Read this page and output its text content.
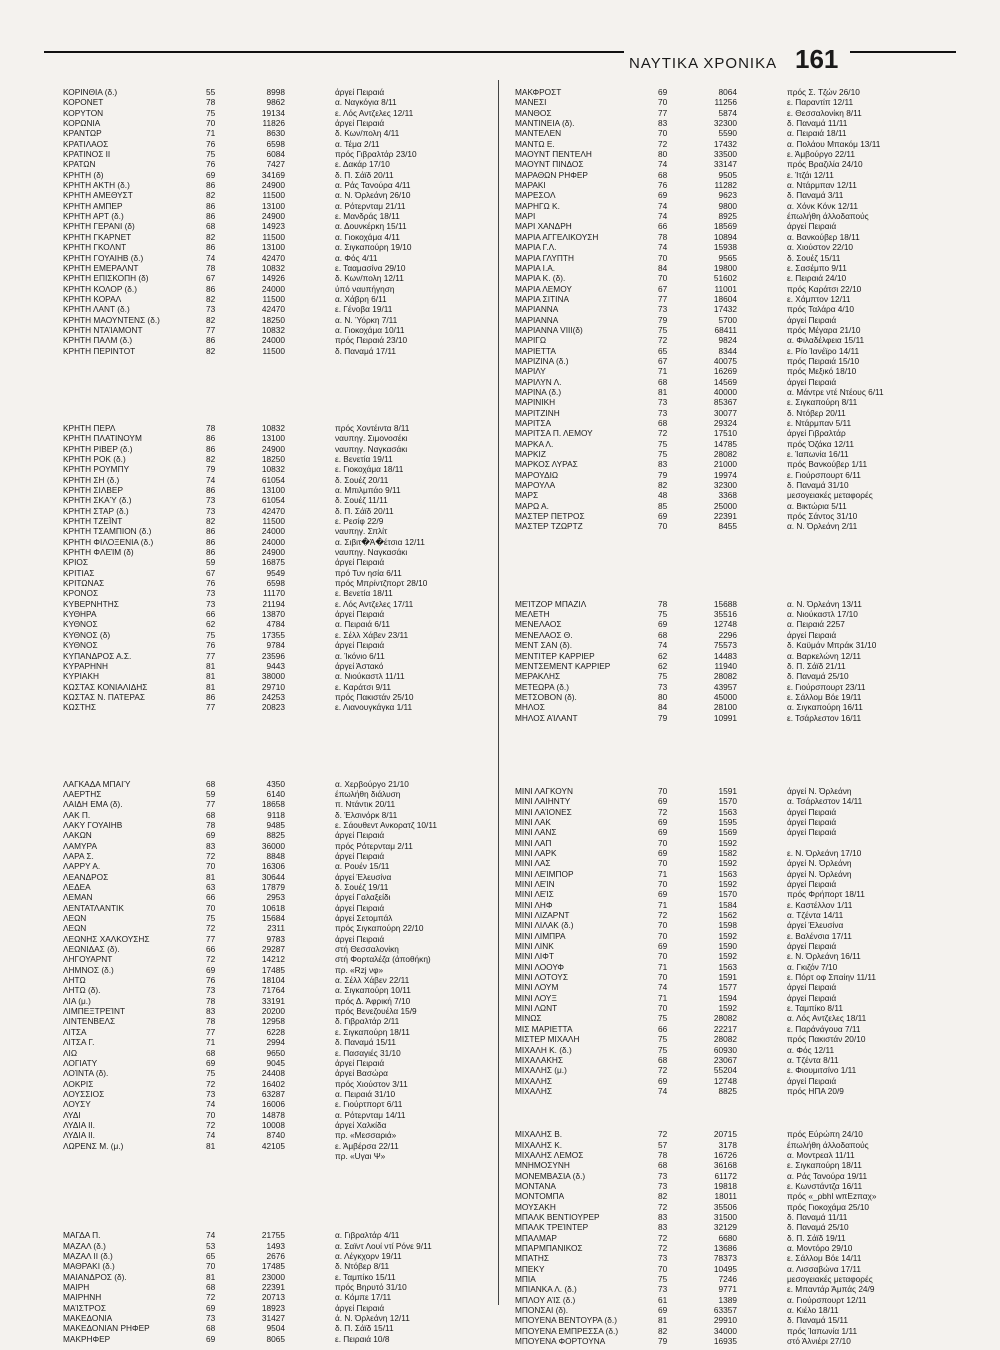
ΝΑΥΤΙΚΑ ΧΡΟΝΙΚΑ 161
ΚΟΡΙΝΘΙΑ (δ.)	55	8998	άργεί Πειραιά
ΚΟΡΟΝΕΤ	78	9862	α. Ναγκόγια 8/11
ΚΟΡΥΤΟΝ	75	19134	ε. Λός Αντζελες 12/11
ΚΟΡΩΝΙΑ	70	11826	άργεί Πειραιά
ΚΡΑΝΤΩΡ	71	8630	δ. Κων/πολη 4/11
ΚΡΑΤΙΛΑΟΣ	76	6598	α. Τέμα 2/11
ΚΡΑΤΙΝΟΣ ΙΙ	75	6084	πρός Γιβραλτάρ 23/10
ΚΡΑΤΩΝ	76	7427	ε. Δακάρ 17/10
ΚΡΗΤΗ (δ)	69	34169	δ. Π. Σάϊδ 20/11
ΚΡΗΤΗ ΑΚΤΗ (δ.)	86	24900	α. Ράς Τανούρα 4/11
ΚΡΗΤΗ ΑΜΕΘΥΣΤ	82	11500	α. Ν. Όρλεάνη 26/10
ΚΡΗΤΗ ΑΜΠΕΡ	86	13100	α. Ρότερνταμ 21/11
ΚΡΗΤΗ ΑΡΤ (δ.)	86	24900	ε. Μανδράς 18/11
ΚΡΗΤΗ ΓΕΡΑΝΙ (δ)	68	14923	α. Δουνκέρκη 15/11
ΚΡΗΤΗ ΓΚΑΡΝΕΤ	82	11500	α. Γιοκοχάμα 4/11
ΚΡΗΤΗ ΓΚΟΛΝΤ	86	13100	α. Σιγκαπούρη 19/10
ΚΡΗΤΗ ΓΟΥΑΙΗΒ (δ.)	74	42470	α. Φός 4/11
ΚΡΗΤΗ ΕΜΕΡΑΛΝΤ	78	10832	ε. Τααμασίνα 29/10
ΚΡΗΤΗ ΕΠΙΣΚΟΠΗ (δ)	67	14926	δ. Κων/πολη 12/11
ΚΡΗΤΗ ΚΟΛΟΡ (δ.)	86	24000	ύπό ναυπήγηση
ΚΡΗΤΗ ΚΟΡΑΛ	82	11500	α. Χάβρη 6/11
ΚΡΗΤΗ ΛΑΝΤ (δ.)	73	42470	ε. Γένοβα 19/11
ΚΡΗΤΗ ΜΑΟΥΝΤΕΝΣ (δ.)	82	18250	α. Ν. Ύόρκη 7/11
ΚΡΗΤΗ ΝΤΑΊΑΜΟΝΤ	77	10832	α. Γιοκοχάμα 10/11
ΚΡΗΤΗ ΠΑΛΜ (δ.)	86	24000	πρός Πειραιά 23/10
ΚΡΗΤΗ ΠΕΡΙΝΤΟΤ	82	11500	δ. Παναμά 17/11
ΚΡΗΤΗ ΠΕΡΛ	78	10832	πρός Χοντέιντα 8/11
ΚΡΗΤΗ ΠΛΑΤΙΝΟΥΜ	86	13100	ναυπηγ. Σιμονοσέκι
ΚΡΗΤΗ ΡΙΒΕΡ (δ.)	86	24900	ναυπηγ. Ναγκασάκι
ΚΡΗΤΗ ΡΟΚ (δ.)	82	18250	ε. Βενετία 19/11
ΚΡΗΤΗ ΡΟΥΜΠΥ	79	10832	ε. Γιοκοχάμα 18/11
ΚΡΗΤΗ ΣΗ (δ.)	74	61054	δ. Σουέζ 20/11
ΚΡΗΤΗ ΣΙΛΒΕΡ	86	13100	α. Μπιλμπάο 9/11
ΚΡΗΤΗ ΣΚΑΎ (δ.)	73	61054	δ. Σουέζ 11/11
ΚΡΗΤΗ ΣΤΑΡ (δ.)	73	42470	δ. Π. Σάϊδ 20/11
ΚΡΗΤΗ ΤΖΕΪΝΤ	82	11500	ε. Ρεσίφ 22/9
ΚΡΗΤΗ ΤΣΑΜΠΙΟΝ (δ.)	86	24000	ναυπηγ. Σπλίτ
ΚΡΗΤΗ ΦΙΛΟΞΕΝΙΑ (δ.)	86	24000	α. Σιβιτ�Ά�έτσια 12/11
ΚΡΗΤΗ ΦΛΕΊΜ (δ)	86	24900	ναυπηγ. Ναγκασάκι
ΚΡΙΟΣ	59	16875	άργεί Πειραιά
ΚΡΙΤΙΑΣ	67	9549	πρό Τυν ησία 6/11
ΚΡΙΤΩΝΑΣ	76	6598	πρός Μπρίντζπορτ 28/10
ΚΡΟΝΟΣ	73	11170	ε. Βενετία 18/11
ΚΥΒΕΡΝΗΤΗΣ	73	21194	ε. Λός Αντζελες 17/11
ΚΥΘΗΡΑ	66	13870	άργεί Πειραιά
ΚΥΘΝΟΣ	62	4784	α. Πειραιά 6/11
ΚΥΘΝΟΣ (δ)	75	17355	ε. Σέλλ Χάβεν 23/11
ΚΥΘΝΟΣ	76	9784	άργεί Πειραιά
ΚΥΠΑΝΔΡΟΣ Α.Σ.	77	23596	α. Ίκόνιο 6/11
ΚΥΡΑΡΗΝΗ	81	9443	άργεί Άστακό
ΚΥΡΙΑΚΗ	81	38000	α. Νιούκαστλ 11/11
ΚΩΣΤΑΣ ΚΟΝΙΑΛΙΔΗΣ	81	29710	ε. Καράτσι 9/11
ΚΩΣΤΑΣ Ν. ΠΑΤΕΡΑΣ	86	24253	πρός Πακιστάν 25/10
ΚΩΣΤΗΣ	77	20823	ε. Λιανουγκάγκα 1/11
ΛΑΓΚΑΔΑ ΜΠΑΙΎ	68	4350	α. Χερβούργο 21/10
ΛΑΕΡΤΗΣ	59	6140	έπωλήθη διάλυση
ΛΑΙΔΗ ΕΜΑ (δ).	77	18658	π. Ντάντικ 20/11
ΛΑΚ Π.	68	9118	δ. Έλσινόρκ 8/11
ΛΑΚΥ ΓΟΥΑΙΗΒ	78	9485	ε. Σάουθεντ Ανκορατζ 10/11
ΛΑΚΩΝ	69	8825	άργεί Πειραιά
ΛΑΜΥΡΑ	83	36000	πρός Ρότερνταμ 2/11
ΛΑΡΑ Σ.	72	8848	άργεί Πειραιά
ΛΑΡΡΥ Α.	70	16306	α. Ρουέν 15/11
ΛΕΑΝΔΡΟΣ	81	30644	άργεί Έλευσίνα
ΛΕΔΕΑ	63	17879	δ. Σουέζ 19/11
ΛΕΜΑΝ	66	2953	άργεί Γαλαξείδι
ΛΕΝΤΑΤΛΑΝΤΙΚ	70	10618	άργεί Πειραιά
ΛΕΩΝ	75	15684	άργεί Σετομπάλ
ΛΕΩΝ	72	2311	πρός Σιγκαπούρη 22/10
ΛΕΩΝΗΣ ΧΑΛΚΟΥΣΗΣ	77	9783	άργεί Πειραιά
ΛΕΩΝΙΔΑΣ (δ).	66	29287	στή Θεσσαλονίκη
ΛΗΓΟΥΑΡΝΤ	72	14212	στή Φορταλέζα (άποθήκη)
ΛΗΜΝΟΣ (δ.)	69	17485	πρ. «Rzj νφ»
ΛΗΤΩ	76	18104	α. Σέλλ Χάβεν 22/11
ΛΗΤΩ (δ).	73	71764	α. Σιγκαπούρη 10/11
ΛΙΑ (μ.)	78	33191	πρός Δ. Άφρική 7/10
ΛΙΜΠΕΞΤΡΕΊΝΤ	83	20200	πρός Βενεζουέλα 15/9
ΛΙΝΤΕΝΒΕΛΣ	78	12958	δ. Γιβραλτάρ 2/11
ΛΙΤΣΑ	77	6228	ε. Σιγκαπούρη 18/11
ΛΙΤΣΑ Γ.	71	2994	δ. Παναμά 15/11
ΛΙΩ	68	9650	ε. Πασαγιές 31/10
ΛΟΓΙΑΤΥ	69	9045	άργεί Πειραιά
ΛΟΊΝΤΑ (δ).	75	24408	άργεί Βασώρα
ΛΟΚΡΙΣ	72	16402	πρός Χιούστον 3/11
ΛΟΥΣΣΙΟΣ	73	63287	α. Πειραιά 31/10
ΛΟΥΣΥ	74	16006	ε. Γιούρτπορτ 6/11
ΛΥΔΙ	70	14878	α. Ρότερνταμ 14/11
ΛΥΔΙΑ ΙΙ.	72	10008	άργεί Χαλκίδα
ΛΥΔΙΑ ΙΙ.	74	8740	πρ. «Μεσσαριά»
ΛΩΡΕΝΣ Μ. (μ.)	81	42105	ε. Άμβέρσα 22/11
πρ. «Uγαι Ψ»
ΜΑΓΔΑ Π.	74	21755	α. Γιβραλτάρ 4/11
ΜΑΖΑΛ (δ.)	53	1493	α. Σαϊντ Λουί ντί Ρόνε 9/11
ΜΑΖΑΛ ΙΙ (δ.)	65	2676	α. Λέγκχορν 19/11
ΜΑΘΡΑΚΙ (δ.)	70	17485	δ. Ντόβερ 8/11
ΜΑΙΑΝΔΡΟΣ (δ).	81	23000	ε. Ταμπίκο 15/11
ΜΑΙΡΗ	68	22391	πρός Βηρυτό 31/10
ΜΑΙΡΗΝΗ	72	20713	α. Κόμπε 17/11
ΜΑΊΣΤΡΟΣ	69	18923	άργεί Πειραιά
ΜΑΚΕΔΟΝΙΑ	73	31427	ά. Ν. Όρλεάνη 12/11
ΜΑΚΕΔΟΝΙΑΝ ΡΗΦΕΡ	68	9504	δ. Π. Σάϊδ 15/11
ΜΑΚΡΗΦΕΡ	69	8065	ε. Πειραιά 10/8
ΜΑΚΦΡΟΣΤ	69	8064	πρός Σ. Τζών 26/10
ΜΑΝΕΣΙ	70	11256	ε. Παραντίπ 12/11
ΜΑΝΘΟΣ	77	5874	ε. Θεσσαλονίκη 8/11
ΜΑΝΤΙΝΕΙΑ (δ).	83	32300	δ. Παναμά 11/11
ΜΑΝΤΕΛΕΝ	70	5590	α. Πειραιά 18/11
ΜΑΝΤΩ Ε.	72	17432	α. Πολάου Μπακόμ 13/11
ΜΑΟΥΝΤ ΠΕΝΤΕΛΗ	80	33500	ε. Άμβούργο 22/11
ΜΑΟΥΝΤ ΠΙΝΔΟΣ	74	33147	πρός Βραζιλία 24/10
ΜΑΡΑΘΩΝ ΡΗΦΕΡ	68	9505	ε. Ίτζάι 12/11
ΜΑΡΑΚΙ	76	11282	α. Ντάρμπαν 12/11
ΜΑΡΕΣΟΛ	69	9623	δ. Παναμά 3/11
ΜΑΡΗΓΩ Κ.	74	9800	α. Χόνκ Κόνκ 12/11
ΜΑΡΙ	74	8925	έπωλήθη άλλοδαπούς
ΜΑΡΙ ΧΑΝΔΡΗ	66	18569	άργεί Πειραιά
ΜΑΡΙΑ ΑΓΓΕΛΙΚΟΥΣΗ	78	10894	α. Βανκούβερ 18/11
ΜΑΡΙΑ Γ.Λ.	74	15938	α. Χιούστον 22/10
ΜΑΡΙΑ ΓΛΥΠΤΗ	70	9565	δ. Σουέζ 15/11
ΜΑΡΙΑ Ι.Α.	84	19800	ε. Σασέμπο 9/11
ΜΑΡΙΑ Κ. (δ).	70	51602	ε. Πειραιά 24/10
ΜΑΡΙΑ ΛΕΜΟΥ	67	11001	πρός Καράτσι 22/10
ΜΑΡΙΑ ΣΙΤΙΝΑ	77	18604	ε. Χάμπτον 12/11
ΜΑΡΙΑΝΝΑ	73	17432	πρός Ταλάρα 4/10
ΜΑΡΙΑΝΝΑ	79	5700	άργεί Πειραιά
ΜΑΡΙΑΝΝΑ VIII(δ)	75	68411	πρός Μέγαρα 21/10
ΜΑΡΙΓΩ	72	9824	α. Φιλαδέλφεια 15/11
ΜΑΡΙΕΤΤΑ	65	8344	ε. Ρίο Ίανέϊρο 14/11
ΜΑΡΙΖΙΝΑ (δ.)	67	40075	πρός Πειραιά 15/10
ΜΑΡΙΛΥ	71	16269	πρός Μεξικό 18/10
ΜΑΡΙΛΥΝ Λ.	68	14569	άργεί Πειραιά
ΜΑΡΙΝΑ (δ.)	81	40000	α. Μάντρε ντέ Ντέους 6/11
ΜΑΡΙΝΙΚΗ	73	85367	ε. Σιγκαπούρη 8/11
ΜΑΡΙΤΖΙΝΗ	73	30077	δ. Ντόβερ 20/11
ΜΑΡΙΤΣΑ	68	29324	ε. Ντάρμπαν 5/11
ΜΑΡΙΤΣΑ Π. ΛΕΜΟΥ	72	17510	άργεί Γιβραλτάρ
ΜΑΡΚΑ Λ.	75	14785	πρός Όζάκα 12/11
ΜΑΡΚΙΖ	75	28082	ε. Ίαπωνία 16/11
ΜΑΡΚΟΣ ΛΥΡΑΣ	83	21000	πρός Βανκούβερ 1/11
ΜΑΡΟΥΔΙΩ	79	19974	ε. Γιούρσπουρτ 6/11
ΜΑΡΟΥΛΑ	82	32300	δ. Παναμά 31/10
ΜΑΡΣ	48	3368	μεσογειακές μεταφορές
ΜΑΡΩ Α.	85	25000	α. Βικτώρια 5/11
ΜΑΣΤΕΡ ΠΕΤΡΟΣ	69	22391	πρός Σάντος 31/10
ΜΑΣΤΕΡ ΤΖΩΡΤΖ	70	8455	α. Ν. Όρλεάνη 2/11
ΜΕΊΤΖΟΡ ΜΠΑΖΙΛ	78	15688	α. Ν. Όρλεάνη 13/11
ΜΕΛΕΤΗ	75	35516	α. Νιούκαστλ 17/10
ΜΕΝΕΛΑΟΣ	69	12748	α. Πειραιά 2257
ΜΕΝΕΛΑΟΣ Θ.	68	2296	άργεί Πειραιά
ΜΕΝΤ ΣΑΝ (δ).	74	75573	δ. Καϋμάν Μπράκ 31/10
ΜΕΝΤΙΤΕΡ ΚΑΡΡΙΕΡ	62	14483	α. Βαρκελώνη 12/11
ΜΕΝΤΣΕΜΕΝΤ ΚΑΡΡΙΕΡ	62	11940	δ. Π. Σάϊδ 21/11
ΜΕΡΑΚΛΗΣ	75	28082	δ. Παναμά 25/10
ΜΕΤΕΩΡΑ (δ.)	73	43957	ε. Γιούρσπουρτ 23/11
ΜΕΤΣΟΒΟΝ (δ).	80	45000	ε. Σάλλομ Βόε 19/11
ΜΗΛΟΣ	84	28100	α. Σιγκαπούρη 16/11
ΜΗΛΟΣ ΑΊΛΑΝΤ	79	10991	ε. Τσάρλεστον 16/11
ΜΙΝΙ ΛΑΓΚΟΥΝ	70	1591	άργεί Ν. Όρλεάνη
ΜΙΝΙ ΛΑΙΗΝΤΥ	69	1570	α. Τσάρλεστον 14/11
ΜΙΝΙ ΛΑΊΟΝΕΣ	72	1563	άργεί Πειραιά
ΜΙΝΙ ΛΑΚ	69	1595	άργεί Πειραιά
ΜΙΝΙ ΛΑΝΣ	69	1569	άργεί Πειραιά
ΜΙΝΙ ΛΑΠ	70	1592
ΜΙΝΙ ΛΑΡΚ	69	1582	ε. Ν. Όρλεάνη 17/10
ΜΙΝΙ ΛΑΣ	70	1592	άργεί Ν. Όρλεάνη
ΜΙΝΙ ΛΕΊΜΠΟΡ	71	1563	άργεί Ν. Όρλεάνη
ΜΙΝΙ ΛΕΊΝ	70	1592	άργεί Πειραιά
ΜΙΝΙ ΛΕΊΣ	69	1570	πρός Φρήπορτ 18/11
ΜΙΝΙ ΛΗΦ	71	1584	ε. Καστέλλον 1/11
ΜΙΝΙ ΛΙΖΑΡΝΤ	72	1562	α. Τζέντα 14/11
ΜΙΝΙ ΛΙΛΑΚ (δ.)	70	1598	άργεί Έλευσίνα
ΜΙΝΙ ΛΙΜΠΡΑ	70	1592	ε. Βαλένσια 17/11
ΜΙΝΙ ΛΙΝΚ	69	1590	άργεί Πειραιά
ΜΙΝΙ ΛΙΦΤ	70	1592	ε. Ν. Όρλεάνη 16/11
ΜΙΝΙ ΛΟΟΥΦ	71	1563	α. Γκιζόν 7/10
ΜΙΝΙ ΛΟΤΟΥΣ	70	1591	ε. Πόρτ οφ Σπαίην 11/11
ΜΙΝΙ ΛΟΥΜ	74	1577	άργεί Πειραιά
ΜΙΝΙ ΛΟΥΞ	71	1594	άργεί Πειραιά
ΜΙΝΙ ΛΩΝΤ	70	1592	ε. Ταμπίκο 8/11
ΜΙΝΩΣ	75	28082	α. Λός Αντζελες 18/11
ΜΙΣ ΜΑΡΙΕΤΤΑ	66	22217	ε. Παράνάγουα 7/11
ΜΙΣΤΕΡ ΜΙΧΑΛΗ	75	28082	πρός Πακιστάν 20/10
ΜΙΧΑΛΗ Κ. (δ.)	75	60930	α. Φός 12/11
ΜΙΧΑΛΑΚΗΣ	68	23067	α. Τζέντα 8/11
ΜΙΧΑΛΗΣ (μ.)	72	55204	ε. Φιουμιτσίνο 1/11
ΜΙΧΑΛΗΣ	69	12748	άργεί Πειραιά
ΜΙΧΑΛΗΣ	74	8825	πρός ΗΠΑ 20/9
ΜΙΧΑΛΗΣ Β.	72	20715	πρός Εύρώπη 24/10
ΜΙΧΑΛΗΣ Κ.	57	3178	έπωλήθη άλλοδαπούς
ΜΙΧΑΛΗΣ ΛΕΜΟΣ	78	16726	α. Μοντρεαλ 11/11
ΜΝΗΜΟΣΥΝΗ	68	36168	ε. Σιγκαπούρη 18/11
ΜΟΝΕΜΒΑΣΙΑ (δ.)	73	61172	α. Ράς Τανούρα 19/11
ΜΟΝΤΑΝΑ	73	19818	ε. Κωνστάντζα 16/11
ΜΟΝΤΟΜΠΑ	82	18011	πρός «_ρbhl wπEzπαχ»
ΜΟΥΣΑΚΗ	72	35506	πρός Γιοκοχάμα 25/10
ΜΠΑΛΚ ΒΕΝΤΙΟΥΡΕΡ	83	31500	δ. Παναμά 11/11
ΜΠΑΛΚ ΤΡΕΊΝΤΕΡ	83	32129	δ. Παναμά 25/10
ΜΠΑΛΜΑΡ	72	6680	δ. Π. Σάϊδ 19/11
ΜΠΑΡΜΠΑΝΙΚΟΣ	72	13686	α. Μοντόρο 29/10
ΜΠΑΤΗΣ	73	78373	ε. Σάλλομ Βόε 14/11
ΜΠΕΚΥ	70	10495	α. Λισσαβώνα 17/11
ΜΠΙΑ	75	7246	μεσογειακές μεταφορές
ΜΠΙΑΝΚΑ Λ. (δ.)	73	9771	ε. Μπαντάρ Άμπάς 24/9
ΜΠΛΟΥ ΑΊΣ (δ.)	61	1389	α. Γιούρσπουρτ 12/11
ΜΠΟΝΣΑΙ (δ).	69	63357	α. Κιέλο 18/11
ΜΠΟΥΕΝΑ ΒΕΝΤΟΥΡΑ (δ.)	81	29910	δ. Παναμά 15/11
ΜΠΟΥΕΝΑ ΕΜΠΡΕΣΣΑ (δ.)	82	34000	πρός Ίαπωνία 1/11
ΜΠΟΥΕΝΑ ΦΟΡΤΟΥΝΑ	79	16935	στό Άλνιέρι 27/10
